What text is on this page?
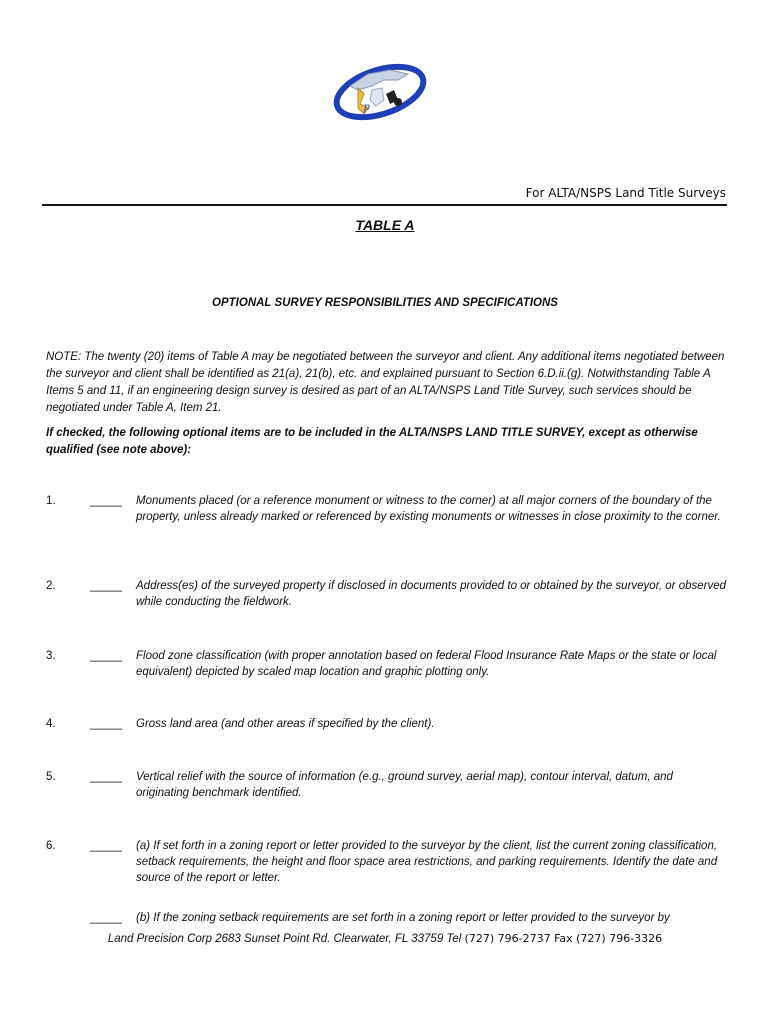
p
For ALTA/NSPS Land Title Surveys
TABLE A
OPTIONAL SURVEY RESPONSIBILITIES AND SPECIFICATIONS
NOTE: The twenty (20) items of Table A may be negotiated between the surveyor and client. Any additional items negotiated between the surveyor and client shall be identified as 21(a), 21(b), etc. and explained pursuant to Section 6.D.ii.(g). Notwithstanding Table A Items 5 and 11, if an engineering design survey is desired as part of an ALTA/NSPS Land Title Survey, such services should be negotiated under Table A, Item 21.
If checked, the following optional items are to be included in the ALTA/NSPS LAND TITLE SURVEY, except as otherwise qualified (see note above):
1.	_____ Monuments placed (or a reference monument or witness to the corner) at all major corners of the boundary of the property, unless already marked or referenced by existing monuments or witnesses in close proximity to the corner.
2.	_____ Address(es) of the surveyed property if disclosed in documents provided to or obtained by the surveyor, or observed while conducting the fieldwork.
3.	_____ Flood zone classification (with proper annotation based on federal Flood Insurance Rate Maps or the state or local equivalent) depicted by scaled map location and graphic plotting only.
4.	_____ Gross land area (and other areas if specified by the client).
5.	_____ Vertical relief with the source of information (e.g., ground survey, aerial map), contour interval, datum, and originating benchmark identified.
6.	_____ (a) If set forth in a zoning report or letter provided to the surveyor by the client, list the current zoning classification, setback requirements, the height and floor space area restrictions, and parking requirements. Identify the date and source of the report or letter.
_____ (b) If the zoning setback requirements are set forth in a zoning report or letter provided to the surveyor by
Land Precision Corp 2683 Sunset Point Rd. Clearwater, FL 33759 Tel (727) 796-2737 Fax (727) 796-3326
